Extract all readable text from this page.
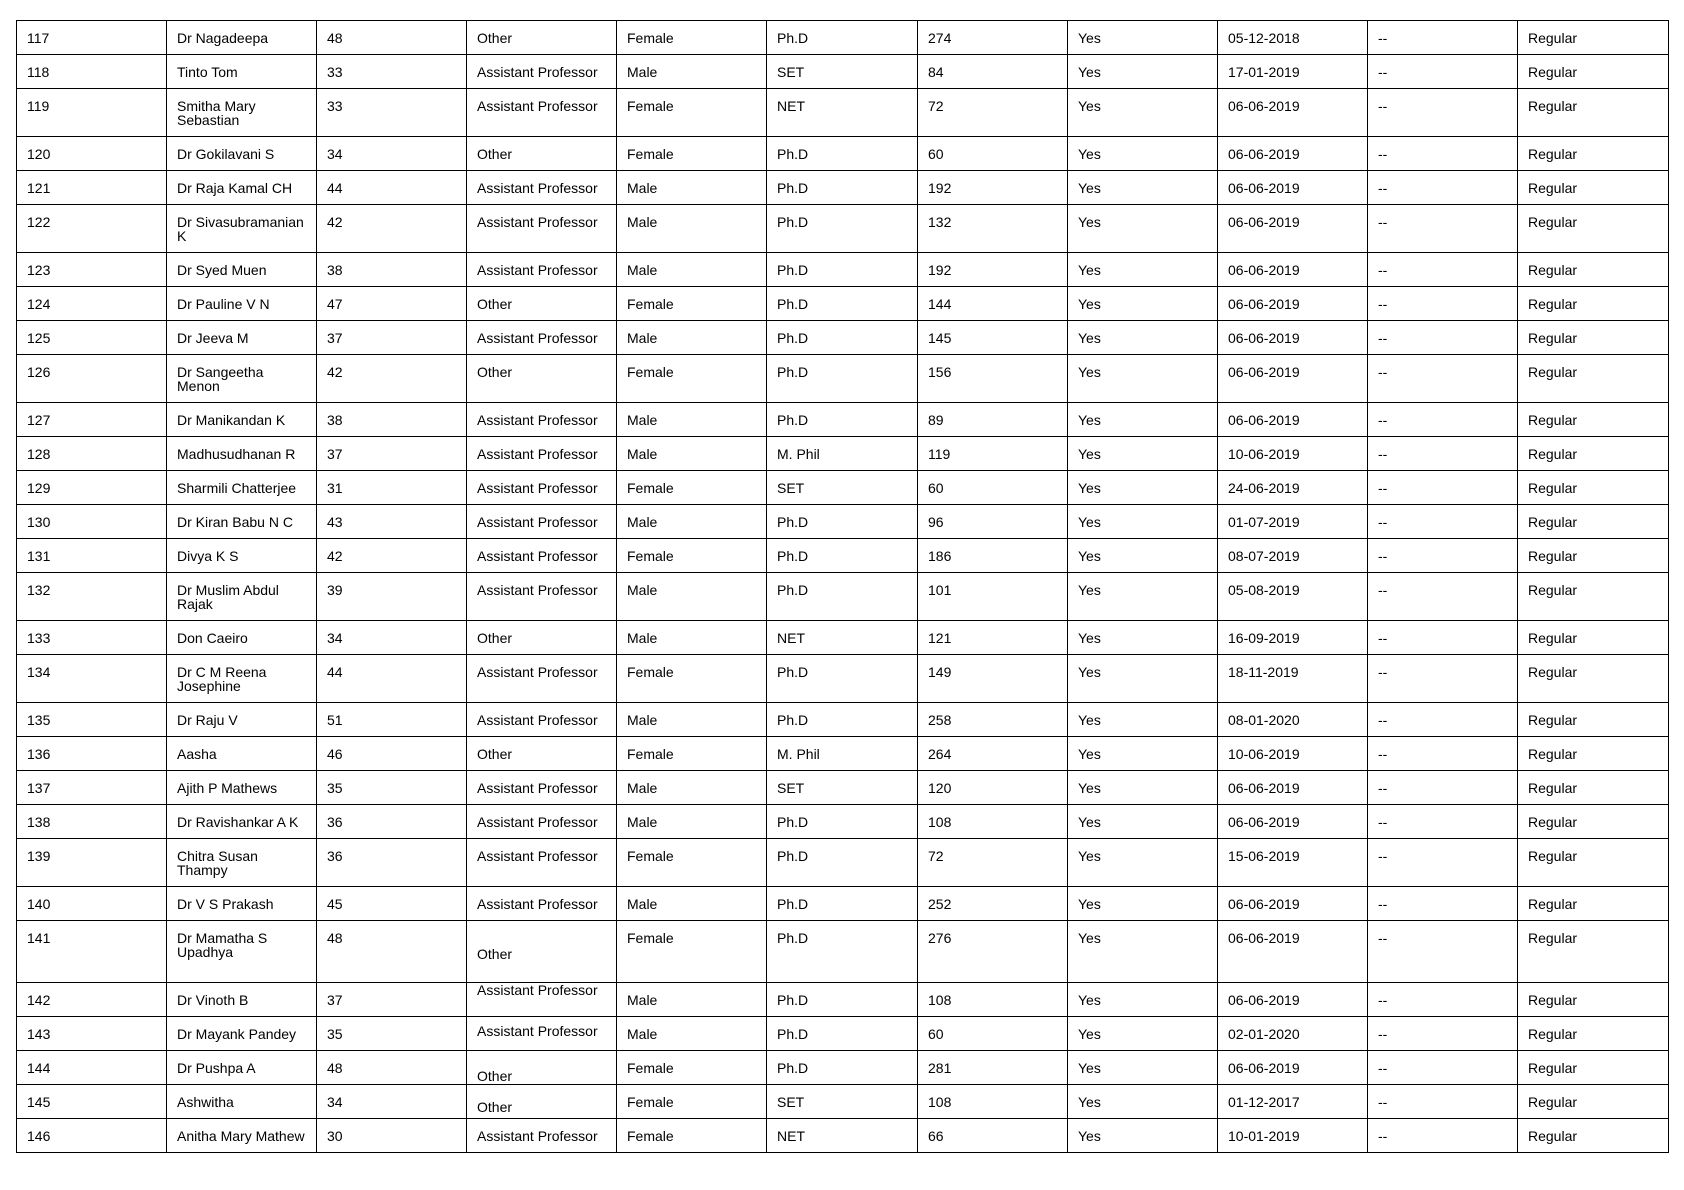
117	Dr Nagadeepa	48	Other	Female	Ph.D	274	Yes	05-12-2018	--	Regular
118	Tinto Tom	33	Assistant Professor	Male	SET	84	Yes	17-01-2019	--	Regular
119	Smitha Mary Sebastian	33	Assistant Professor	Female	NET	72	Yes	06-06-2019	--	Regular
120	Dr Gokilavani S	34	Other	Female	Ph.D	60	Yes	06-06-2019	--	Regular
121	Dr Raja Kamal CH	44	Assistant Professor	Male	Ph.D	192	Yes	06-06-2019	--	Regular
122	Dr Sivasubramanian K	42	Assistant Professor	Male	Ph.D	132	Yes	06-06-2019	--	Regular
123	Dr Syed Muen	38	Assistant Professor	Male	Ph.D	192	Yes	06-06-2019	--	Regular
124	Dr Pauline V N	47	Other	Female	Ph.D	144	Yes	06-06-2019	--	Regular
125	Dr Jeeva M	37	Assistant Professor	Male	Ph.D	145	Yes	06-06-2019	--	Regular
126	Dr Sangeetha Menon	42	Other	Female	Ph.D	156	Yes	06-06-2019	--	Regular
127	Dr Manikandan K	38	Assistant Professor	Male	Ph.D	89	Yes	06-06-2019	--	Regular
128	Madhusudhanan R	37	Assistant Professor	Male	M. Phil	119	Yes	10-06-2019	--	Regular
129	Sharmili Chatterjee	31	Assistant Professor	Female	SET	60	Yes	24-06-2019	--	Regular
130	Dr Kiran Babu N C	43	Assistant Professor	Male	Ph.D	96	Yes	01-07-2019	--	Regular
131	Divya K S	42	Assistant Professor	Female	Ph.D	186	Yes	08-07-2019	--	Regular
132	Dr Muslim Abdul Rajak	39	Assistant Professor	Male	Ph.D	101	Yes	05-08-2019	--	Regular
133	Don Caeiro	34	Other	Male	NET	121	Yes	16-09-2019	--	Regular
134	Dr C M Reena Josephine	44	Assistant Professor	Female	Ph.D	149	Yes	18-11-2019	--	Regular
135	Dr Raju V	51	Assistant Professor	Male	Ph.D	258	Yes	08-01-2020	--	Regular
136	Aasha	46	Other	Female	M. Phil	264	Yes	10-06-2019	--	Regular
137	Ajith P Mathews	35	Assistant Professor	Male	SET	120	Yes	06-06-2019	--	Regular
138	Dr Ravishankar A K	36	Assistant Professor	Male	Ph.D	108	Yes	06-06-2019	--	Regular
139	Chitra Susan Thampy	36	Assistant Professor	Female	Ph.D	72	Yes	15-06-2019	--	Regular
140	Dr V S Prakash	45	Assistant Professor	Male	Ph.D	252	Yes	06-06-2019	--	Regular
141	Dr Mamatha S Upadhya	48	Other	Female	Ph.D	276	Yes	06-06-2019	--	Regular
142	Dr Vinoth B	37	Assistant Professor	Male	Ph.D	108	Yes	06-06-2019	--	Regular
143	Dr Mayank Pandey	35	Assistant Professor	Male	Ph.D	60	Yes	02-01-2020	--	Regular
144	Dr Pushpa A	48	Other	Female	Ph.D	281	Yes	06-06-2019	--	Regular
145	Ashwitha	34	Other	Female	SET	108	Yes	01-12-2017	--	Regular
146	Anitha Mary Mathew	30	Assistant Professor	Female	NET	66	Yes	10-01-2019	--	Regular
